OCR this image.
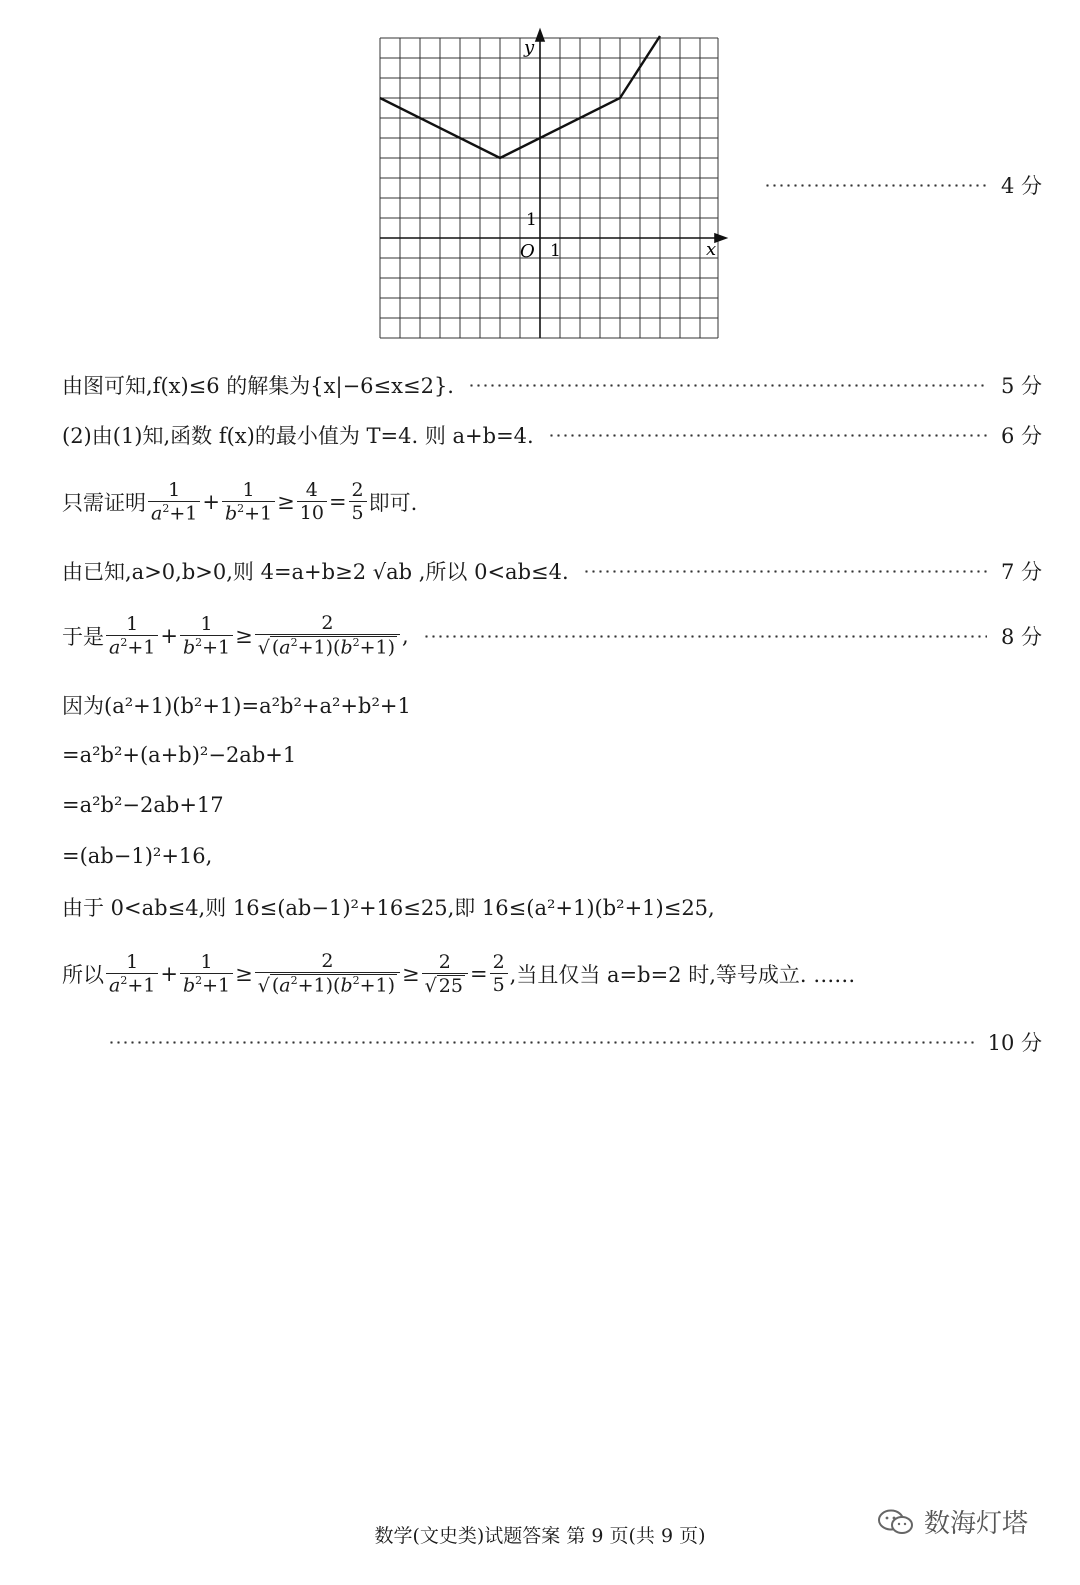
y
x
O
1
1
4 分
由图可知,f(x)≤6 的解集为{x|−6≤x≤2}.	5 分
(2)由(1)知,函数 f(x)的最小值为 T=4. 则 a+b=4.	6 分
只需证明 $\frac{1}{a^2+1} + \frac{1}{b^2+1} \ge \frac{4}{10} = \frac{2}{5}$ 即可.
由已知,a>0,b>0,则 4=a+b≥2 √ab ,所以 0<ab≤4.	7 分
于是 $\frac{1}{a^2+1} + \frac{1}{b^2+1} \ge \frac{2}{√ (a^2+1)(b^2+1)}$ ,	8 分
因为(a²+1)(b²+1)=a²b²+a²+b²+1
=a²b²+(a+b)²−2ab+1
=a²b²−2ab+17
=(ab−1)²+16,
由于 0<ab≤4,则 16≤(ab−1)²+16≤25,即 16≤(a²+1)(b²+1)≤25,
所以 $\frac{1}{a^2+1} + \frac{1}{b^2+1} \ge \frac{2}{√ (a^2+1)(b^2+1)} \ge \frac{2}{√ 25} = \frac{2}{5}$ ,当且仅当 a=b=2 时,等号成立. ……
10 分
数海灯塔
数学(文史类)试题答案 第 9 页(共 9 页)
